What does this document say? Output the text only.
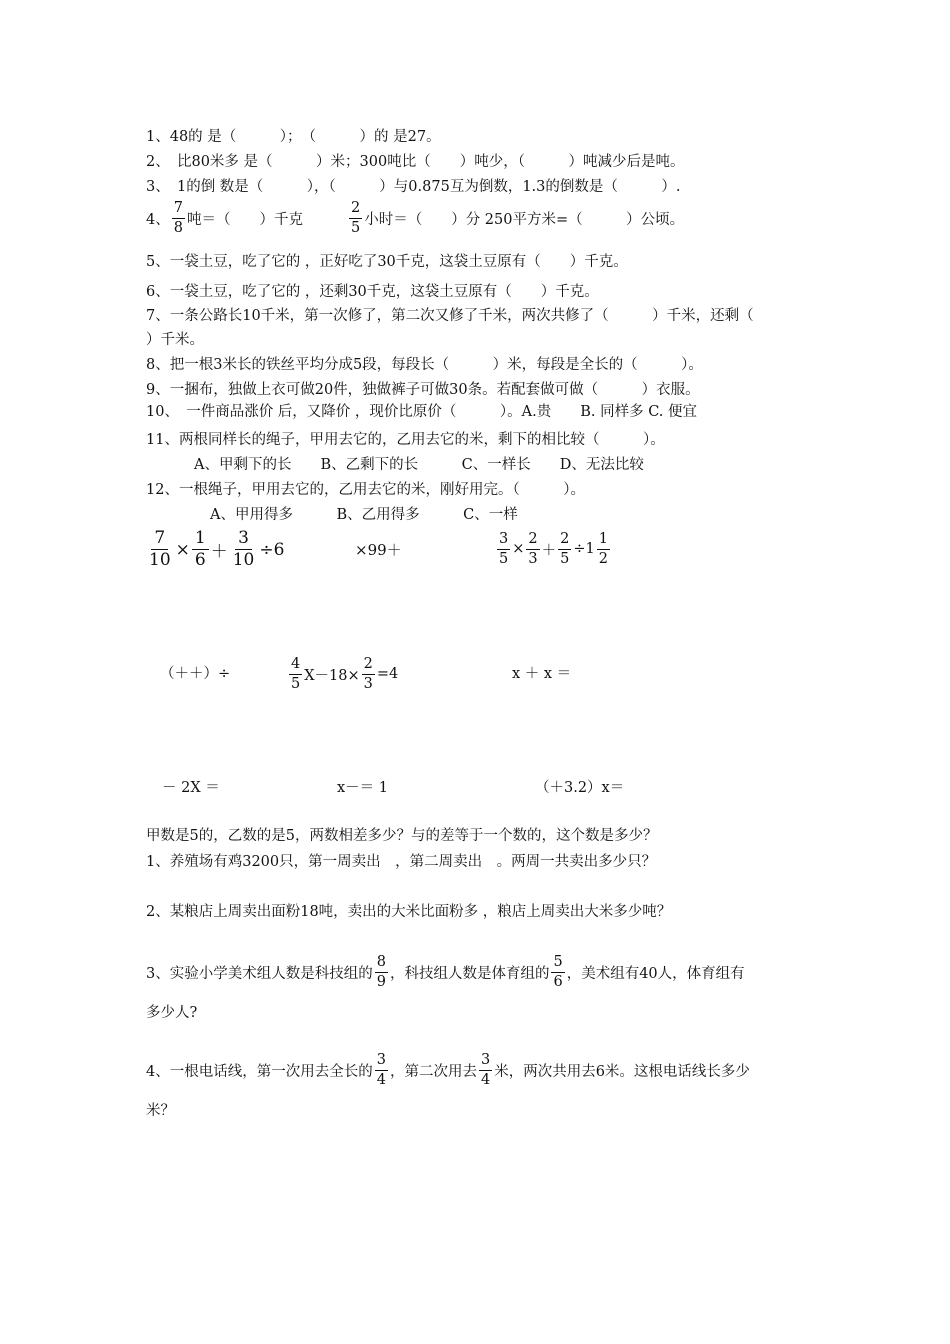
1、48的 是（　　　）；　（　　　）的 是27。
2、　比80米多 是（　　　）米；300吨比（　　）吨少，（　　　）吨减少后是吨。
3、　1的倒 数是（　　　），（　　　）与0.875互为倒数，1.3的倒数是（　　　）.
4、 $\frac{7}{8}$ 吨＝（　　）千克	$\frac{2}{5}$ 小时＝（　　）分 250平方米=（　　　）公顷。
5、一袋土豆，吃了它的 ，正好吃了30千克，这袋土豆原有（　　）千克。
6、一袋土豆，吃了它的 ，还剩30千克，这袋土豆原有（　　）千克。
7、一条公路长10千米，第一次修了，第二次又修了千米，两次共修了（　　　）千米，还剩（
）千米。
8、把一根3米长的铁丝平均分成5段，每段长（　　　）米，每段是全长的（　　　）。
9、一捆布，独做上衣可做20件，独做裤子可做30条。若配套做可做（　　　）衣服。
10、　一件商品涨价 后，又降价 ，现价比原价（　　　）。A.贵　　B. 同样多 C. 便宜
11、两根同样长的绳子，甲用去它的，乙用去它的米，剩下的相比较（　　　）。
A、甲剩下的长　　B、乙剩下的长　　　C、一样长　　D、无法比较
12、一根绳子，甲用去它的，乙用去它的米，刚好用完。（　　　）。
A、甲用得多　　　B、乙用得多　　　C、一样
$\frac{7}{10} \times \frac{1}{6} + \frac{3}{10} \div 6$	×99＋	$\frac{3}{5} \times \frac{2}{3} + \frac{2}{5} \div 1 \frac{1}{2}$
（＋＋）÷	$\frac{4}{5} X-18\times \frac{2}{3} =4$	x ＋ x ＝
－ 2X ＝	x－＝ 1	（＋3.2）x＝
甲数是5的，乙数的是5，两数相差多少？与的差等于一个数的，这个数是多少？
1、养殖场有鸡3200只，第一周卖出　，第二周卖出　。两周一共卖出多少只？
2、某粮店上周卖出面粉18吨，卖出的大米比面粉多 ，粮店上周卖出大米多少吨？
3、实验小学美术组人数是科技组的 $\frac{8}{9}$ ，科技组人数是体育组的 $\frac{5}{6}$ ，美术组有40人，体育组有
多少人?
4、一根电话线，第一次用去全长的 $\frac{3}{4}$ ，第二次用去 $\frac{3}{4}$ 米，两次共用去6米。这根电话线长多少
米？
